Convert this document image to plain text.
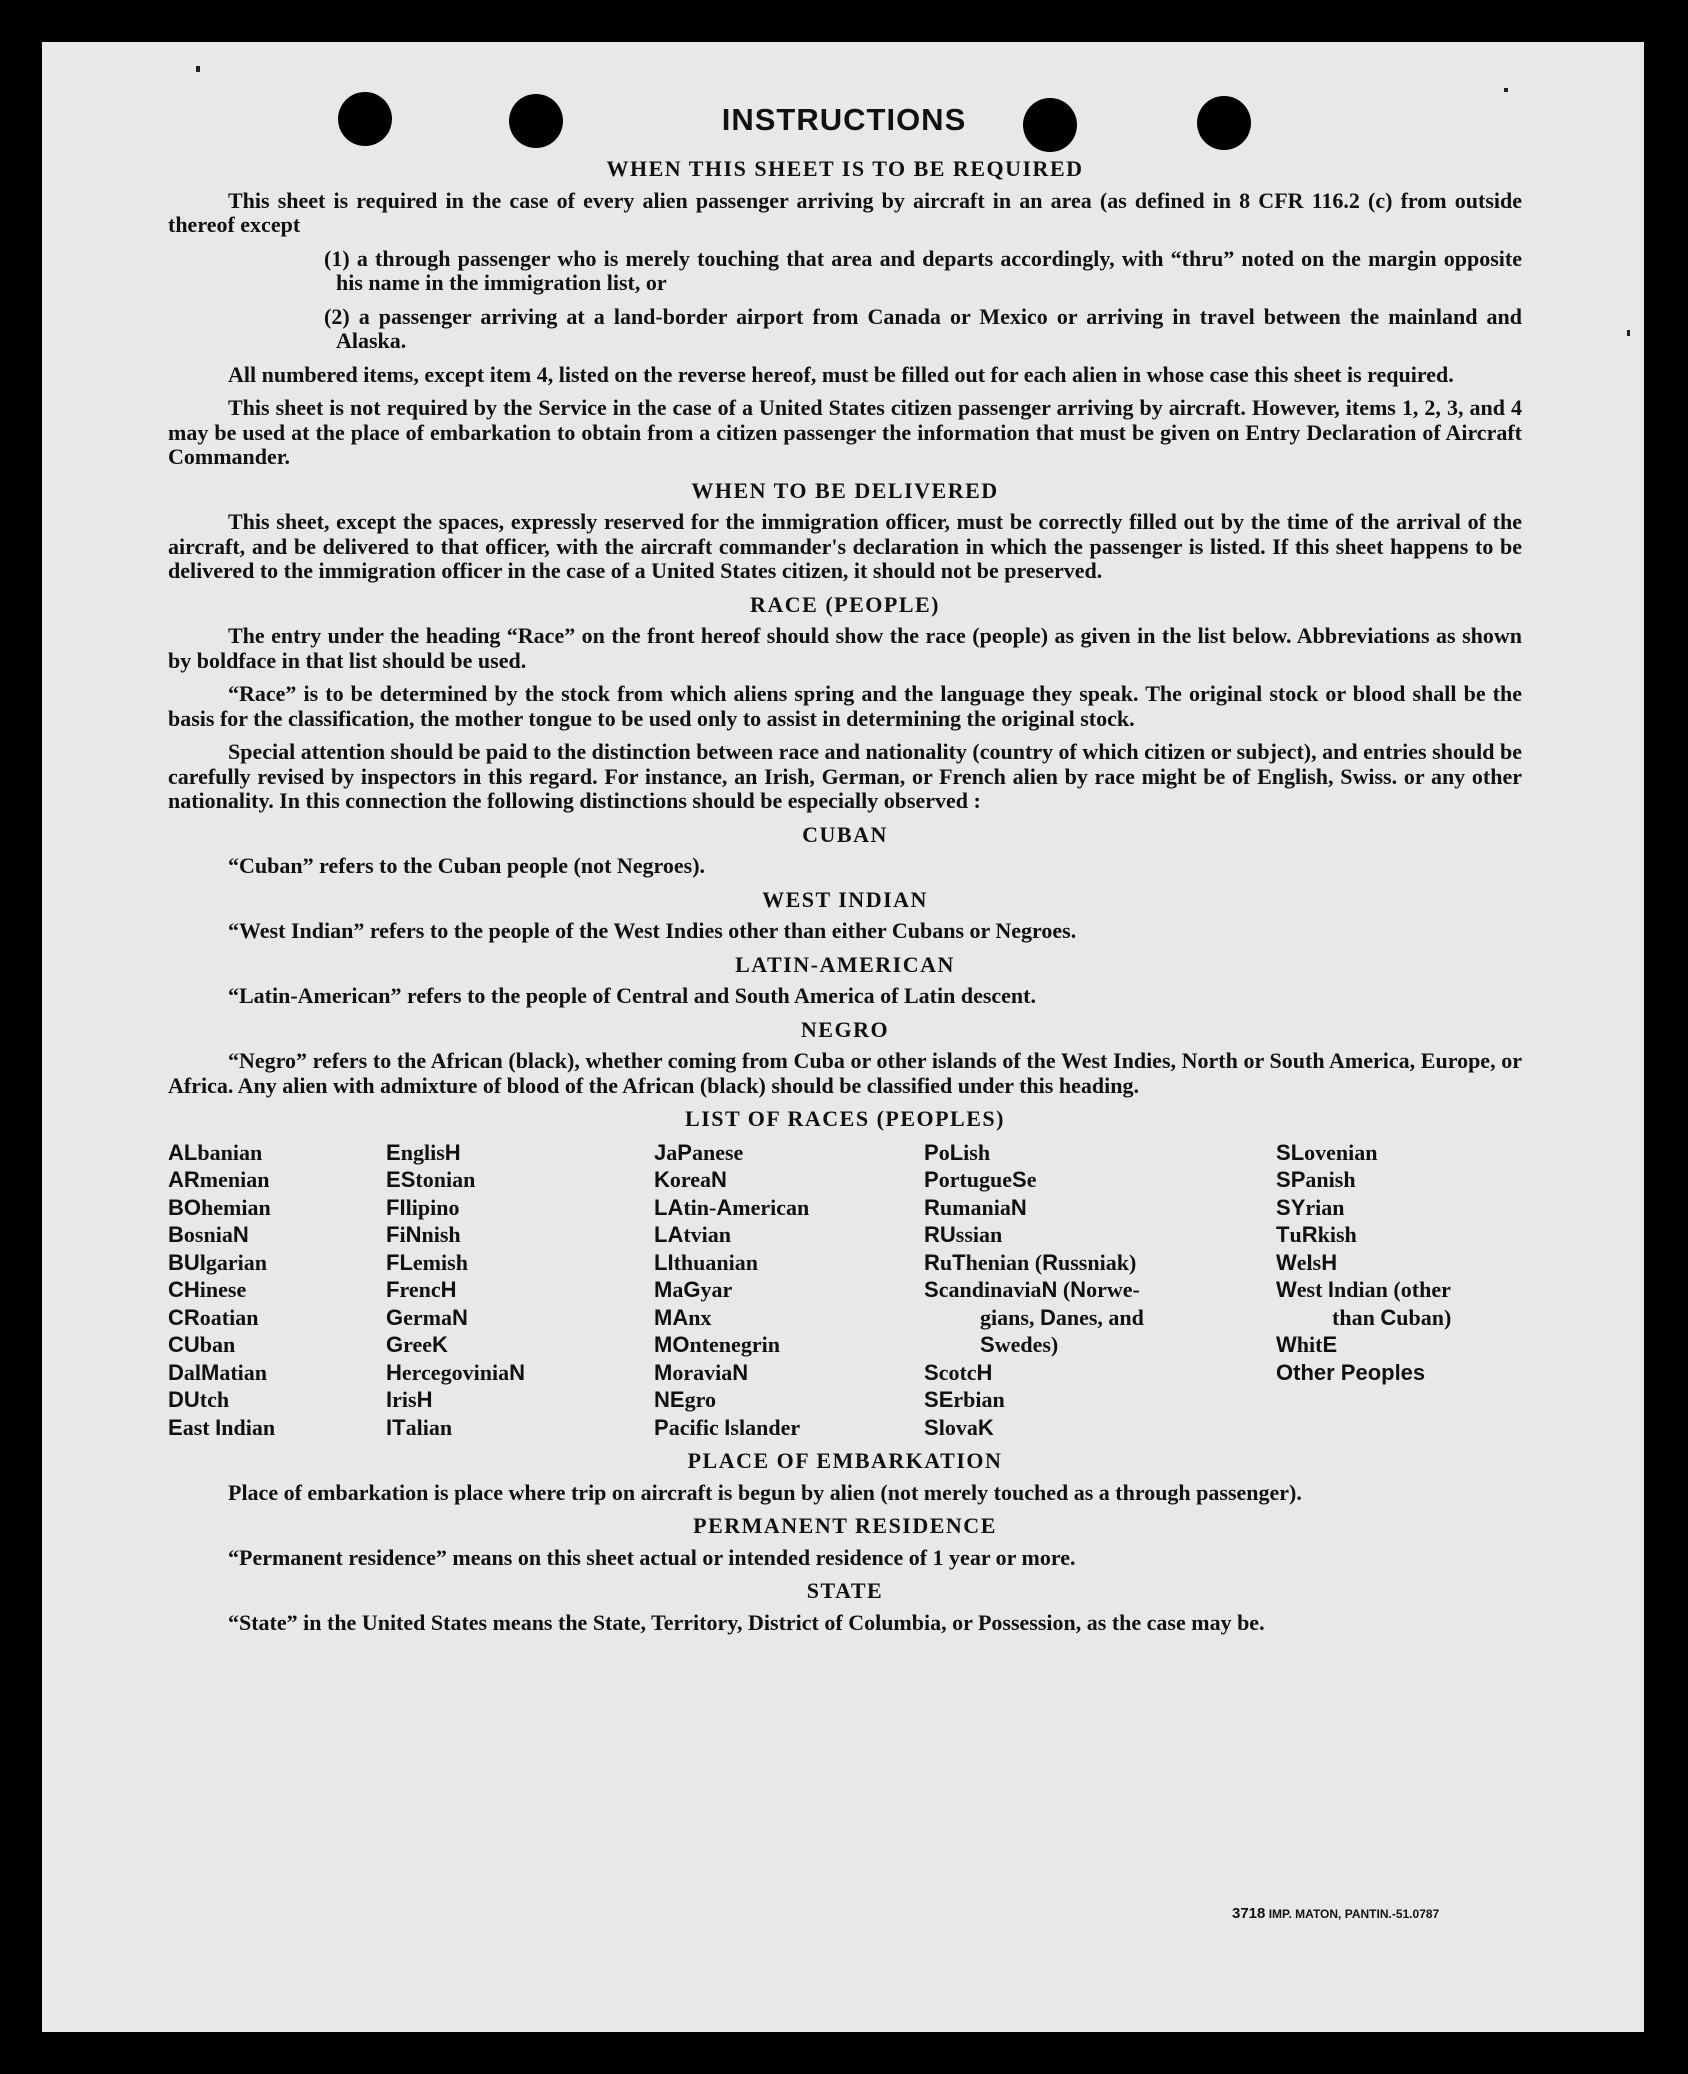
INSTRUCTIONS
WHEN THIS SHEET IS TO BE REQUIRED
This sheet is required in the case of every alien passenger arriving by aircraft in an area (as defined in 8 CFR 116.2 (c) from outside thereof except
(1) a through passenger who is merely touching that area and departs accordingly, with “thru” noted on the margin opposite his name in the immigration list, or
(2) a passenger arriving at a land-border airport from Canada or Mexico or arriving in travel between the mainland and Alaska.
All numbered items, except item 4, listed on the reverse hereof, must be filled out for each alien in whose case this sheet is required.
This sheet is not required by the Service in the case of a United States citizen passenger arriving by aircraft. However, items 1, 2, 3, and 4 may be used at the place of embarkation to obtain from a citizen passenger the information that must be given on Entry Declaration of Aircraft Commander.
WHEN TO BE DELIVERED
This sheet, except the spaces, expressly reserved for the immigration officer, must be correctly filled out by the time of the arrival of the aircraft, and be delivered to that officer, with the aircraft commander's declaration in which the passenger is listed. If this sheet happens to be delivered to the immigration officer in the case of a United States citizen, it should not be preserved.
RACE (PEOPLE)
The entry under the heading “Race” on the front hereof should show the race (people) as given in the list below. Abbreviations as shown by boldface in that list should be used.
“Race” is to be determined by the stock from which aliens spring and the language they speak. The original stock or blood shall be the basis for the classification, the mother tongue to be used only to assist in determining the original stock.
Special attention should be paid to the distinction between race and nationality (country of which citizen or subject), and entries should be carefully revised by inspectors in this regard. For instance, an Irish, German, or French alien by race might be of English, Swiss. or any other nationality. In this connection the following distinctions should be especially observed :
CUBAN
“Cuban” refers to the Cuban people (not Negroes).
WEST INDIAN
“West Indian” refers to the people of the West Indies other than either Cubans or Negroes.
LATIN-AMERICAN
“Latin-American” refers to the people of Central and South America of Latin descent.
NEGRO
“Negro” refers to the African (black), whether coming from Cuba or other islands of the West Indies, North or South America, Europe, or Africa. Any alien with admixture of blood of the African (black) should be classified under this heading.
LIST OF RACES (PEOPLES)
ALbanian
ARmenian
BOhemian
BosniaN
BUlgarian
CHinese
CRoatian
CUban
DalMatian
DUtch
East Indian
EnglisH
EStonian
FIlipino
FiNnish
FLemish
FrencH
GermaN
GreeK
HercegoviniaN
IrisH
ITalian
JaPanese
KoreaN
LAtin-American
LAtvian
LIthuanian
MaGyar
MAnx
MOntenegrin
MoraviaN
NEgro
Pacific Islander
PoLish
PortugueSe
RumaniaN
RUssian
RuThenian (Russniak)
ScandinaviaN (Norwe-
gians, Danes, and
Swedes)
ScotcH
SErbian
SlovaK
SLovenian
SPanish
SYrian
TuRkish
WelsH
West Indian (other
than Cuban)
WhitE
Other Peoples
PLACE OF EMBARKATION
Place of embarkation is place where trip on aircraft is begun by alien (not merely touched as a through passenger).
PERMANENT RESIDENCE
“Permanent residence” means on this sheet actual or intended residence of 1 year or more.
STATE
“State” in the United States means the State, Territory, District of Columbia, or Possession, as the case may be.
3718 IMP. MATON, PANTIN.-51.0787
